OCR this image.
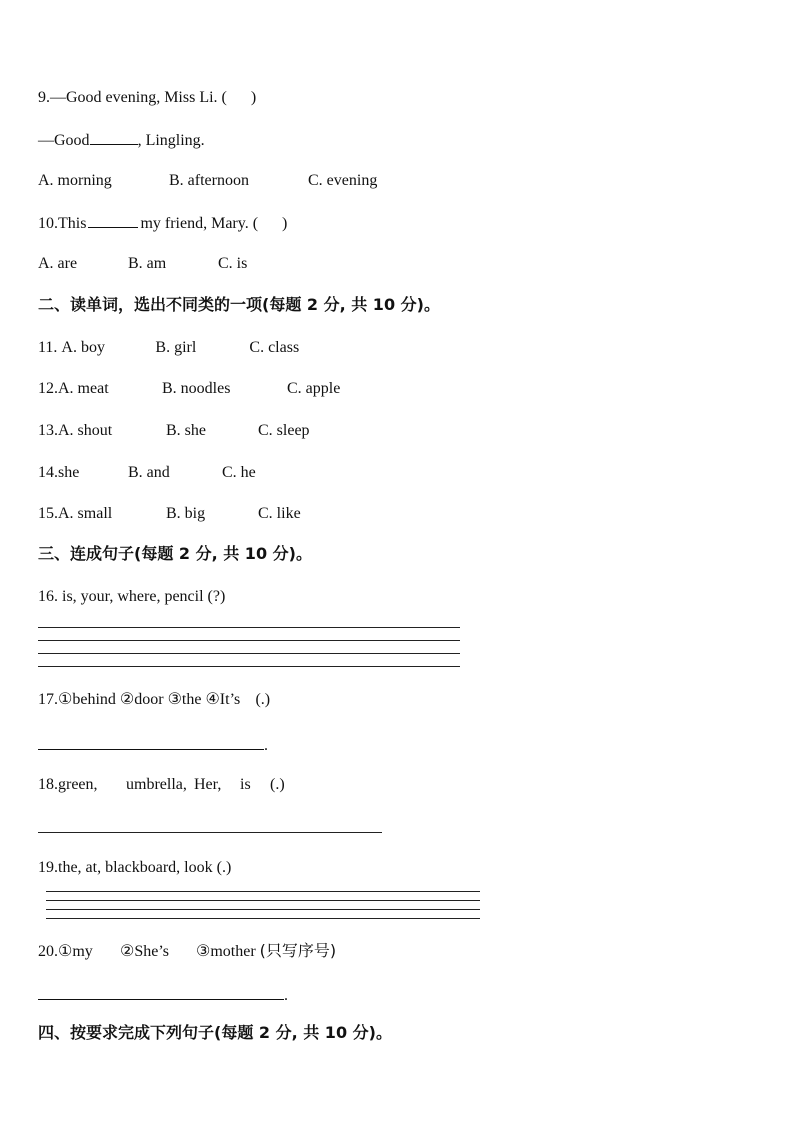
9.—Good evening, Miss Li. (      )
—Good	, Lingling.
A. morning	B. afternoon	C. evening
10.This	my friend, Mary. (      )
A. are	B. am	C. is
二、读单词，选出不同类的一项(每题 2 分, 共 10 分)。
11. A. boy	B. girl	C. class
12.A. meat	B. noodles	C. apple
13.A. shout	B. she	C. sleep
14.she	B. and	C. he
15.A. small	B. big	C. like
三、连成句子(每题 2 分, 共 10 分)。
16. is, your, where, pencil (?)
17.①behind ②door ③the ④It’s (.)
.
18.green, umbrella, Her, is (.)
19.the, at, blackboard, look (.)
20.①my ②She’s ③mother (只写序号)
.
四、按要求完成下列句子(每题 2 分, 共 10 分)。
